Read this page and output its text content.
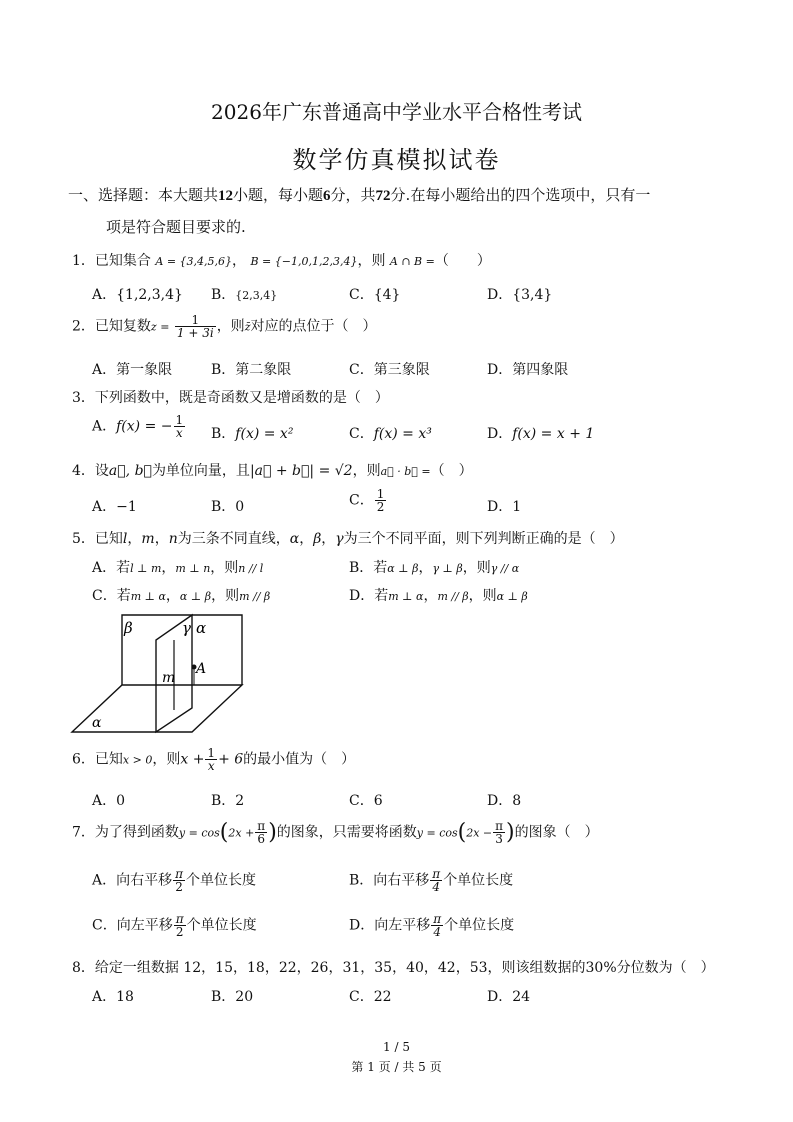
2026年广东普通高中学业水平合格性考试
数学仿真模拟试卷
一、选择题：本大题共12小题，每小题6分，共72分.在每小题给出的四个选项中，只有一
项是符合题目要求的.
1．已知集合 A = {3,4,5,6}， B = {−1,0,1,2,3,4}，则 A ∩ B =（　　）
A．{1,2,3,4} B．{2,3,4}	C．{4}	D．{3,4}
2．已知复数$z = \frac{1}{1 + 3i}$ ，则z̄对应的点位于（　）
A．第一象限	B．第二象限	C．第三象限	D．第四象限
3．下列函数中，既是奇函数又是增函数的是（　）
A．f(x) = − $\frac{1}{x}$ B．f(x) = x²	C．f(x) = x³	D．f(x) = x + 1
4．设a⃗, b⃗为单位向量，且|a⃗ + b⃗| = √2，则a⃗ · b⃗ =（　）
A．−1	B．0	C． $\frac{1}{2}$	D．1
5．已知l，m，n为三条不同直线，α，β，γ为三个不同平面，则下列判断正确的是（　）
A．若l ⊥ m，m ⊥ n，则n // l	B．若α ⊥ β，γ ⊥ β，则γ // α
C．若m ⊥ α，α ⊥ β，则m // β	D．若m ⊥ α，m // β，则α ⊥ β
β	γ α
A
m
α
6．已知x > 0，则$x + \frac{1}{x} + 6$的最小值为（　）
A．0	B．2	C．6	D．8
7．为了得到函数$y = \cos(2x + \frac{\pi}{6}$ )的图象，只需要将函数$y = \cos(2x - \frac{\pi}{3}$ )的图象（　）
A．向右平移 $\frac{\pi}{2}$ 个单位长度	B．向右平移 $\frac{\pi}{4}$ 个单位长度
C．向左平移 $\frac{\pi}{2}$ 个单位长度	D．向左平移 $\frac{\pi}{4}$ 个单位长度
8．给定一组数据 12，15，18，22，26，31，35，40，42，53，则该组数据的30%分位数为（　）
A．18	B．20	C．22	D．24
1 / 5
第 1 页 / 共 5 页
